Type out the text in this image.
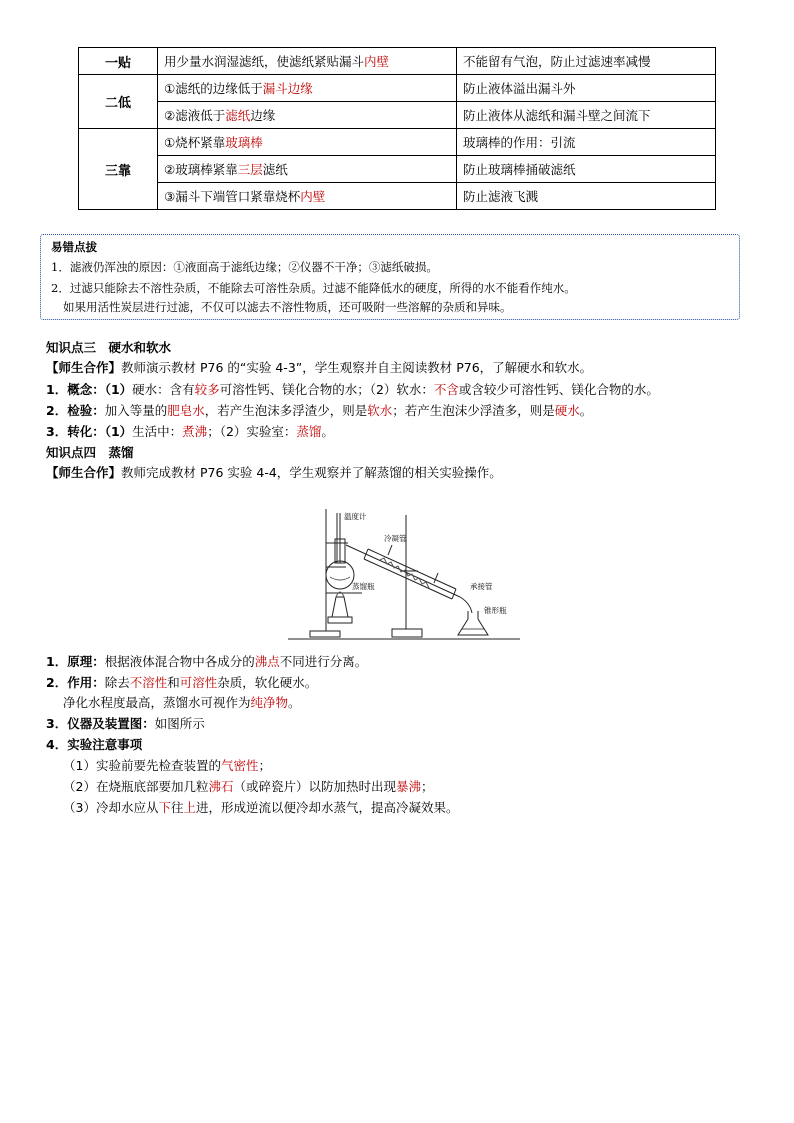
一贴	用少量水润湿滤纸，使滤纸紧贴漏斗内壁	不能留有气泡，防止过滤速率减慢
二低	①滤纸的边缘低于漏斗边缘	防止液体溢出漏斗外
	②滤液低于滤纸边缘	防止液体从滤纸和漏斗壁之间流下
三靠	①烧杯紧靠玻璃棒	玻璃棒的作用：引流
	②玻璃棒紧靠三层滤纸	防止玻璃棒捅破滤纸
	③漏斗下端管口紧靠烧杯内壁	防止滤液飞溅
易错点拔
1．滤液仍浑浊的原因：①液面高于滤纸边缘；②仪器不干净；③滤纸破损。
2．过滤只能除去不溶性杂质，不能除去可溶性杂质。过滤不能降低水的硬度，所得的水不能看作纯水。
如果用活性炭层进行过滤，不仅可以滤去不溶性物质，还可吸附一些溶解的杂质和异味。
知识点三　硬水和软水
【师生合作】教师演示教材 P76 的“实验 4-3”，学生观察并自主阅读教材 P76，了解硬水和软水。
1．概念：（1）硬水：含有较多可溶性钙、镁化合物的水；（2）软水：不含或含较少可溶性钙、镁化合物的水。
2．检验：加入等量的肥皂水，若产生泡沫多浮渣少，则是软水；若产生泡沫少浮渣多，则是硬水。
3．转化：（1）生活中：煮沸；（2）实验室：蒸馏。
知识点四　蒸馏
【师生合作】教师完成教材 P76 实验 4-4，学生观察并了解蒸馏的相关实验操作。
温度计
冷凝管
承接管
蒸馏瓶
锥形瓶
1．原理：根据液体混合物中各成分的沸点不同进行分离。
2．作用：除去不溶性和可溶性杂质，软化硬水。
净化水程度最高，蒸馏水可视作为纯净物。
3．仪器及装置图：如图所示
4．实验注意事项
（1）实验前要先检查装置的气密性；
（2）在烧瓶底部要加几粒沸石（或碎瓷片）以防加热时出现暴沸；
（3）冷却水应从下往上进，形成逆流以便冷却水蒸气，提高冷凝效果。
